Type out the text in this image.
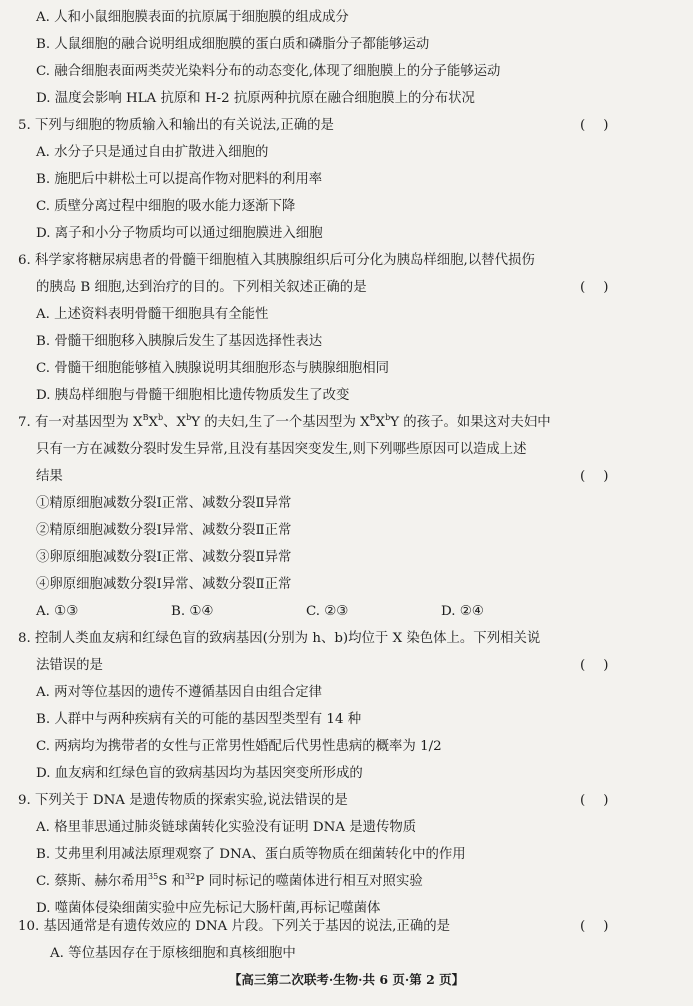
A. 人和小鼠细胞膜表面的抗原属于细胞膜的组成成分
B. 人鼠细胞的融合说明组成细胞膜的蛋白质和磷脂分子都能够运动
C. 融合细胞表面两类荧光染料分布的动态变化,体现了细胞膜上的分子能够运动
D. 温度会影响 HLA 抗原和 H-2 抗原两种抗原在融合细胞膜上的分布状况
5. 下列与细胞的物质输入和输出的有关说法,正确的是	()
A. 水分子只是通过自由扩散进入细胞的
B. 施肥后中耕松土可以提高作物对肥料的利用率
C. 质壁分离过程中细胞的吸水能力逐渐下降
D. 离子和小分子物质均可以通过细胞膜进入细胞
6. 科学家将糖尿病患者的骨髓干细胞植入其胰腺组织后可分化为胰岛样细胞,以替代损伤
的胰岛 B 细胞,达到治疗的目的。下列相关叙述正确的是	()
A. 上述资料表明骨髓干细胞具有全能性
B. 骨髓干细胞移入胰腺后发生了基因选择性表达
C. 骨髓干细胞能够植入胰腺说明其细胞形态与胰腺细胞相同
D. 胰岛样细胞与骨髓干细胞相比遗传物质发生了改变
7. 有一对基因型为 $X^BX^b$、$X^bY$ 的夫妇,生了一个基因型为 $X^BX^bY$ 的孩子。如果这对夫妇中
只有一方在减数分裂时发生异常,且没有基因突变发生,则下列哪些原因可以造成上述
结果	()
①精原细胞减数分裂Ⅰ正常、减数分裂Ⅱ异常
②精原细胞减数分裂Ⅰ异常、减数分裂Ⅱ正常
③卵原细胞减数分裂Ⅰ正常、减数分裂Ⅱ异常
④卵原细胞减数分裂Ⅰ异常、减数分裂Ⅱ正常
A. ①③	B. ①④	C. ②③	D. ②④
8. 控制人类血友病和红绿色盲的致病基因(分别为 h、b)均位于 X 染色体上。下列相关说
法错误的是	()
A. 两对等位基因的遗传不遵循基因自由组合定律
B. 人群中与两种疾病有关的可能的基因型类型有 14 种
C. 两病均为携带者的女性与正常男性婚配后代男性患病的概率为 1/2
D. 血友病和红绿色盲的致病基因均为基因突变所形成的
9. 下列关于 DNA 是遗传物质的探索实验,说法错误的是	()
A. 格里菲思通过肺炎链球菌转化实验没有证明 DNA 是遗传物质
B. 艾弗里利用减法原理观察了 DNA、蛋白质等物质在细菌转化中的作用
C. 蔡斯、赫尔希用$^{35}$S 和$^{32}$P 同时标记的噬菌体进行相互对照实验
D. 噬菌体侵染细菌实验中应先标记大肠杆菌,再标记噬菌体
10. 基因通常是有遗传效应的 DNA 片段。下列关于基因的说法,正确的是	()
A. 等位基因存在于原核细胞和真核细胞中
【高三第二次联考·生物·共 6 页·第 2 页】
